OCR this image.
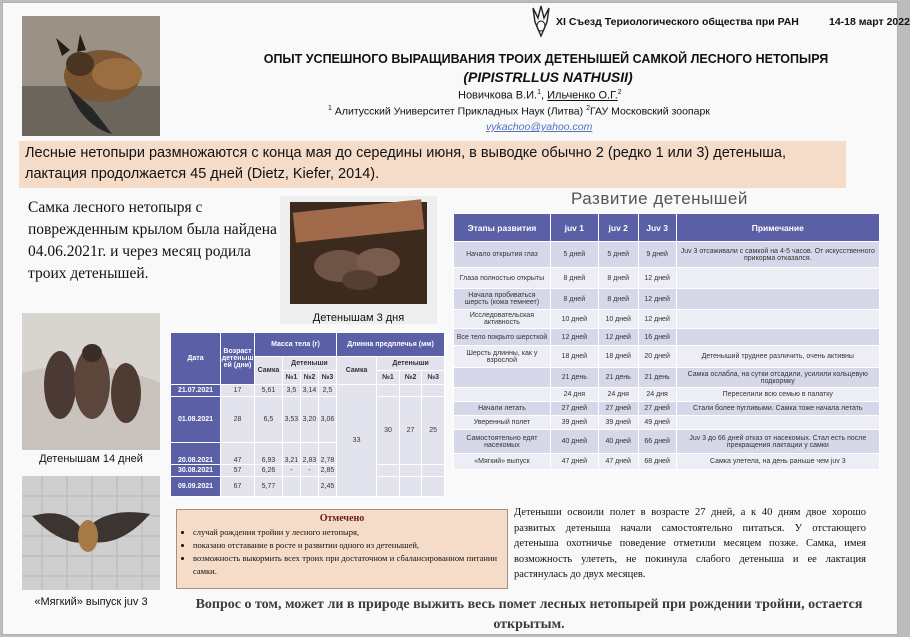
XI Съезд Териологического общества при РАН	14-18 март 2022
ОПЫТ УСПЕШНОГО ВЫРАЩИВАНИЯ ТРОИХ ДЕТЕНЫШЕЙ САМКОЙ ЛЕСНОГО НЕТОПЫРЯ
(PIPISTRLLUS NATHUSII)
Новичкова В.И.$^1$, Ильченко О.Г.$^2$
$^1$ Алитусский Университет Прикладных Наук (Литва) $^2$ГАУ Московский зоопарк
vykachoo@yahoo.com
Лесные нетопыри размножаются с конца мая до середины июня, в выводке обычно 2 (редко 1 или 3) детеныша, лактация продолжается 45 дней (Dietz, Kiefer, 2014).
Самка лесного нетопыря с поврежденным крылом была найдена 04.06.2021г. и через месяц родила троих детенышей.
Детенышам 3 дня
Детенышам 14 дней
«Мягкий» выпуск juv 3
Развитие детенышей
Этапы развития	juv 1	juv 2	Juv 3	Примечание
Начало открытия глаз	5 дней	5 дней	9 дней	Juv 3 отсаживали с самкой на 4-5 часов. От искусственного прикорма отказался.
Глаза полностью открыты	8 дней	8 дней	12 дней	
Начала пробиваться шерсть (кожа темнеет)	8 дней	8 дней	12 дней	
Исследовательская активность	10 дней	10 дней	12 дней	
Все тело покрыто шерсткой	12 дней	12 дней	16 дней	
Шерсть длинны, как у взрослой	18 дней	18 дней	20 дней	Детеныший труднее различить, очень активны
	21 день	21 день	21 день	Самка ослабла, на сутки отсадили, усилили кольцевую подкормку
	24 дня	24 дня	24 дня	Переселили всю семью в палатку
Начали летать	27 дней	27 дней	27 дней	Стали более пугливыми. Самка тоже начала летать
Уверенный полет	39 дней	39 дней	49 дней	
Самостоятельно едят насекомых	40 дней	40 дней	66 дней	Juv 3 до 66 дней отказ от насекомых. Стал есть после прекращения лактации у самки
«Мягкий» выпуск	47 дней	47 дней	68 дней	Самка улетела, на день раньше чем juv 3
Дата	Возраст детеныш ей (дни)	Масса тела (г)				Длинна предплечья (мм)			
		Самка	Детеныши			Самка	Детеныши		
			№1	№2	№3		№1	№2	№3
21.07.2021	17	5,61	3,5	3,14	2,5	33			
01.08.2021	28	6,5	3,53	3,20	3,06		30	27	25
20.08.2021	47	6,93	3,21	2,83	2,78				
30.08.2021	57	6,26	-	-	2,85				
09.09.2021	67	5,77			2,45				
Отмечено
• случай рождения тройни у лесного нетопыря,
• показано отставание в росте и развитии одного из детенышей,
• возможность выкормить всех троих при достаточном и сбалансированном питании самки.
Детеныши освоили полет в возрасте 27 дней, а к 40 дням двое хорошо развитых детеныша начали самостоятельно питаться. У отстающего детеныша охотничье поведение отметили месяцем позже. Самка, имея возможность улететь, не покинула слабого детеныша и ее лактация растянулась до двух месяцев.
Вопрос о том, может ли в природе выжить весь помет лесных нетопырей при рождении тройни, остается открытым.
